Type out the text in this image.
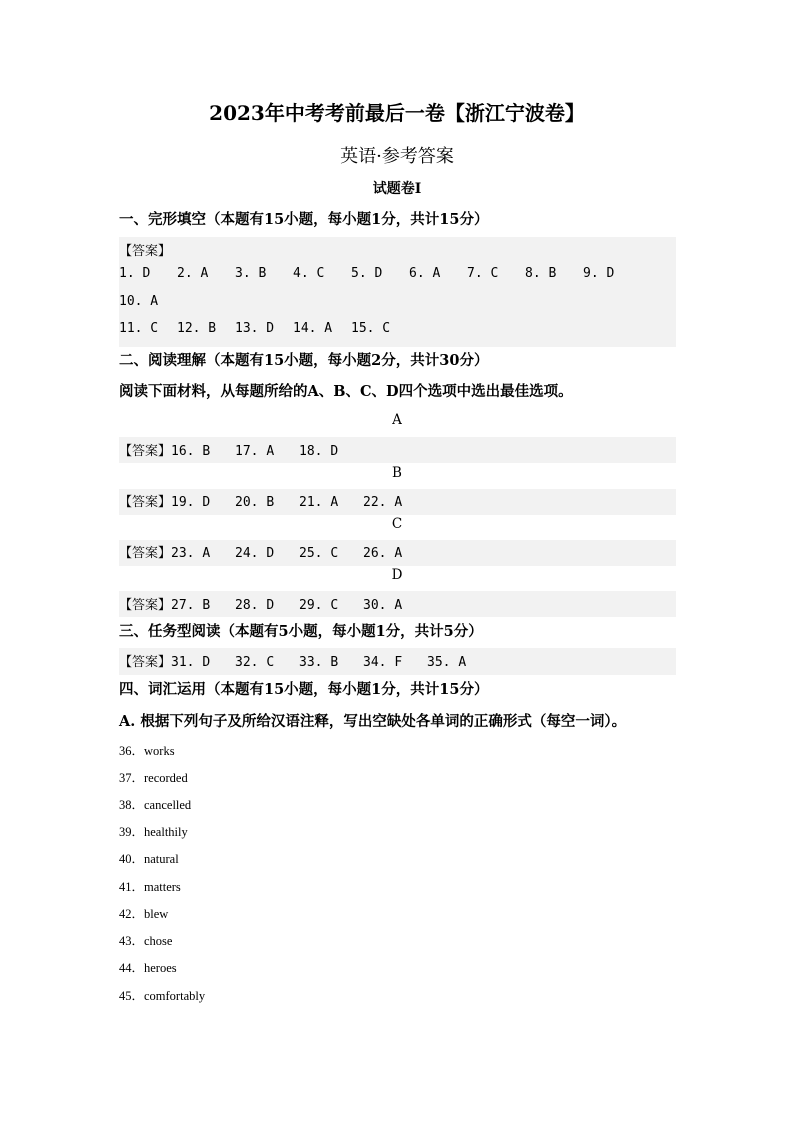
2023年中考考前最后一卷【浙江宁波卷】
英语·参考答案
试题卷I
一、完形填空（本题有15小题，每小题1分，共计15分）
【答案】
1. D 2. A 3. B 4. C 5. D 6. A 7. C 8. B 9. D
10. A
11. C 12. B 13. D 14. A 15. C
二、阅读理解（本题有15小题，每小题2分，共计30分）
阅读下面材料，从每题所给的A、B、C、D四个选项中选出最佳选项。
A
【答案】16. B 17. A 18. D
B
【答案】19. D 20. B 21. A 22. A
C
【答案】23. A 24. D 25. C 26. A
D
【答案】27. B 28. D 29. C 30. A
三、任务型阅读（本题有5小题，每小题1分，共计5分）
【答案】31. D 32. C 33. B 34. F 35. A
四、词汇运用（本题有15小题，每小题1分，共计15分）
A. 根据下列句子及所给汉语注释，写出空缺处各单词的正确形式（每空一词）。
36．works
37．recorded
38．cancelled
39．healthily
40．natural
41．matters
42．blew
43．chose
44．heroes
45．comfortably
